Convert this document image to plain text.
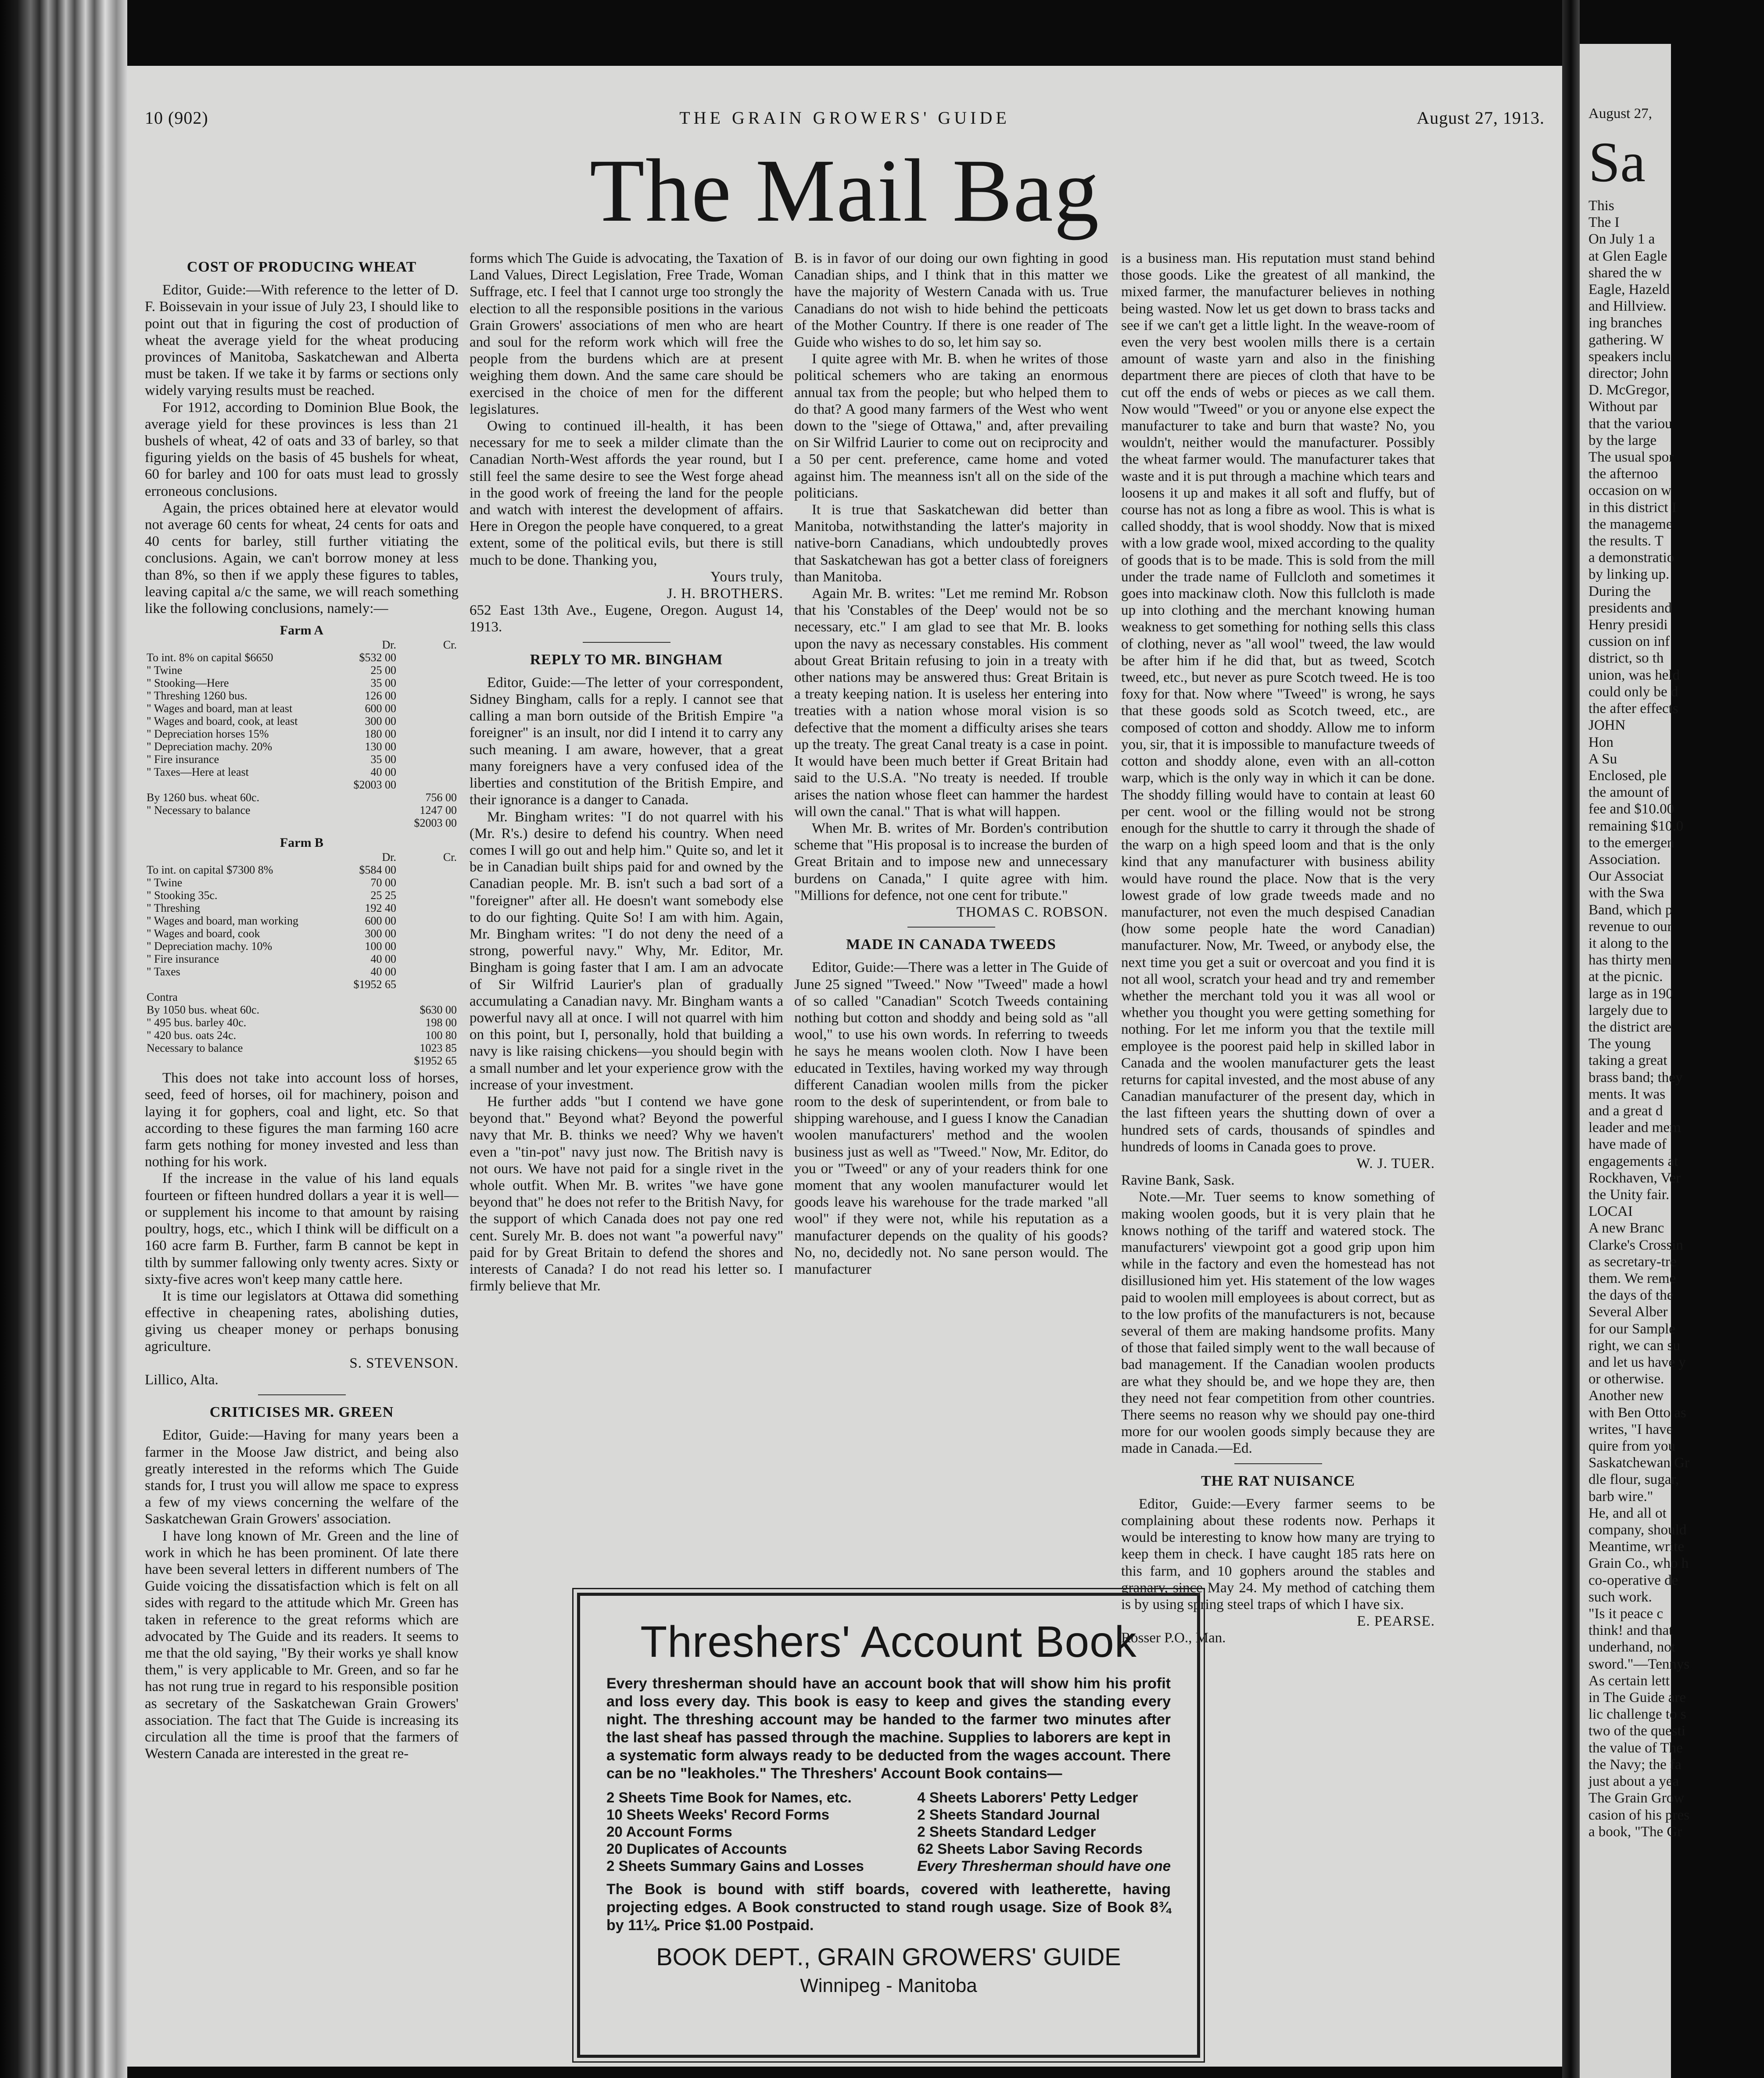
10 (902)	THE GRAIN GROWERS' GUIDE	August 27, 1913.
The Mail Bag
COST OF PRODUCING WHEAT

Editor, Guide:—With reference to the letter of D. F. Boissevain in your issue of July 23, I should like to point out that in figuring the cost of production of wheat the average yield for the wheat producing provinces of Manitoba, Saskatchewan and Alberta must be taken. If we take it by farms or sections only widely varying results must be reached.

For 1912, according to Dominion Blue Book, the average yield for these provinces is less than 21 bushels of wheat, 42 of oats and 33 of barley, so that figuring yields on the basis of 45 bushels for wheat, 60 for barley and 100 for oats must lead to grossly erroneous conclusions.

Again, the prices obtained here at elevator would not average 60 cents for wheat, 24 cents for oats and 40 cents for barley, still further vitiating the conclusions. Again, we can't borrow money at less than 8%, so then if we apply these figures to tables, leaving capital a/c the same, we will reach something like the following conclusions, namely:—

Farm A		
	Dr.	Cr.
To int. 8% on capital $6650	$532 00	
" Twine	25 00	
" Stooking—Here	35 00	
" Threshing 1260 bus.	126 00	
" Wages and board, man at least	600 00	
" Wages and board, cook, at least	300 00	
" Depreciation horses 15%	180 00	
" Depreciation machy. 20%	130 00	
" Fire insurance	35 00	
" Taxes—Here at least	40 00	
	$2003 00	
By 1260 bus. wheat 60c.		756 00
" Necessary to balance		1247 00
		$2003 00
Farm B		
	Dr.	Cr.
To int. on capital $7300 8%	$584 00	
" Twine	70 00	
" Stooking 35c.	25 25	
" Threshing	192 40	
" Wages and board, man working	600 00	
" Wages and board, cook	300 00	
" Depreciation machy. 10%	100 00	
" Fire insurance	40 00	
" Taxes	40 00	
	$1952 65	
Contra		
By 1050 bus. wheat 60c.		$630 00
" 495 bus. barley 40c.		198 00
" 420 bus. oats 24c.		100 80
Necessary to balance		1023 85
		$1952 65

This does not take into account loss of horses, seed, feed of horses, oil for machinery, poison and laying it for gophers, coal and light, etc. So that according to these figures the man farming 160 acre farm gets nothing for money invested and less than nothing for his work.

If the increase in the value of his land equals fourteen or fifteen hundred dollars a year it is well—or supplement his income to that amount by raising poultry, hogs, etc., which I think will be difficult on a 160 acre farm B. Further, farm B cannot be kept in tilth by summer fallowing only twenty acres. Sixty or sixty-five acres won't keep many cattle here.

It is time our legislators at Ottawa did something effective in cheapening rates, abolishing duties, giving us cheaper money or perhaps bonusing agriculture.

S. STEVENSON.

Lillico, Alta.

CRITICISES MR. GREEN

Editor, Guide:—Having for many years been a farmer in the Moose Jaw district, and being also greatly interested in the reforms which The Guide stands for, I trust you will allow me space to express a few of my views concerning the welfare of the Saskatchewan Grain Growers' association.

I have long known of Mr. Green and the line of work in which he has been prominent. Of late there have been several letters in different numbers of The Guide voicing the dissatisfaction which is felt on all sides with regard to the attitude which Mr. Green has taken in reference to the great reforms which are advocated by The Guide and its readers. It seems to me that the old saying, "By their works ye shall know them," is very applicable to Mr. Green, and so far he has not rung true in regard to his responsible position as secretary of the Saskatchewan Grain Growers' association. The fact that The Guide is increasing its circulation all the time is proof that the farmers of Western Canada are interested in the great re-

forms which The Guide is advocating, the Taxation of Land Values, Direct Legislation, Free Trade, Woman Suffrage, etc. I feel that I cannot urge too strongly the election to all the responsible positions in the various Grain Growers' associations of men who are heart and soul for the reform work which will free the people from the burdens which are at present weighing them down. And the same care should be exercised in the choice of men for the different legislatures.

Owing to continued ill-health, it has been necessary for me to seek a milder climate than the Canadian North-West affords the year round, but I still feel the same desire to see the West forge ahead in the good work of freeing the land for the people and watch with interest the development of affairs. Here in Oregon the people have conquered, to a great extent, some of the political evils, but there is still much to be done. Thanking you,

Yours truly,

J. H. BROTHERS.

652 East 13th Ave., Eugene, Oregon. August 14, 1913.

REPLY TO MR. BINGHAM

Editor, Guide:—The letter of your correspondent, Sidney Bingham, calls for a reply. I cannot see that calling a man born outside of the British Empire "a foreigner" is an insult, nor did I intend it to carry any such meaning. I am aware, however, that a great many foreigners have a very confused idea of the liberties and constitution of the British Empire, and their ignorance is a danger to Canada.

Mr. Bingham writes: "I do not quarrel with his (Mr. R's.) desire to defend his country. When need comes I will go out and help him." Quite so, and let it be in Canadian built ships paid for and owned by the Canadian people. Mr. B. isn't such a bad sort of a "foreigner" after all. He doesn't want somebody else to do our fighting. Quite So! I am with him. Again, Mr. Bingham writes: "I do not deny the need of a strong, powerful navy." Why, Mr. Editor, Mr. Bingham is going faster that I am. I am an advocate of Sir Wilfrid Laurier's plan of gradually accumulating a Canadian navy. Mr. Bingham wants a powerful navy all at once. I will not quarrel with him on this point, but I, personally, hold that building a navy is like raising chickens—you should begin with a small number and let your experience grow with the increase of your investment.

He further adds "but I contend we have gone beyond that." Beyond what? Beyond the powerful navy that Mr. B. thinks we need? Why we haven't even a "tin-pot" navy just now. The British navy is not ours. We have not paid for a single rivet in the whole outfit. When Mr. B. writes "we have gone beyond that" he does not refer to the British Navy, for the support of which Canada does not pay one red cent. Surely Mr. B. does not want "a powerful navy" paid for by Great Britain to defend the shores and interests of Canada? I do not read his letter so. I firmly believe that Mr.

B. is in favor of our doing our own fighting in good Canadian ships, and I think that in this matter we have the majority of Western Canada with us. True Canadians do not wish to hide behind the petticoats of the Mother Country. If there is one reader of The Guide who wishes to do so, let him say so.

I quite agree with Mr. B. when he writes of those political schemers who are taking an enormous annual tax from the people; but who helped them to do that? A good many farmers of the West who went down to the "siege of Ottawa," and, after prevailing on Sir Wilfrid Laurier to come out on reciprocity and a 50 per cent. preference, came home and voted against him. The meanness isn't all on the side of the politicians.

It is true that Saskatchewan did better than Manitoba, notwithstanding the latter's majority in native-born Canadians, which undoubtedly proves that Saskatchewan has got a better class of foreigners than Manitoba.

Again Mr. B. writes: "Let me remind Mr. Robson that his 'Constables of the Deep' would not be so necessary, etc." I am glad to see that Mr. B. looks upon the navy as necessary constables. His comment about Great Britain refusing to join in a treaty with other nations may be answered thus: Great Britain is a treaty keeping nation. It is useless her entering into treaties with a nation whose moral vision is so defective that the moment a difficulty arises she tears up the treaty. The great Canal treaty is a case in point. It would have been much better if Great Britain had said to the U.S.A. "No treaty is needed. If trouble arises the nation whose fleet can hammer the hardest will own the canal." That is what will happen.

When Mr. B. writes of Mr. Borden's contribution scheme that "His proposal is to increase the burden of Great Britain and to impose new and unnecessary burdens on Canada," I quite agree with him. "Millions for defence, not one cent for tribute."

THOMAS C. ROBSON.

MADE IN CANADA TWEEDS

Editor, Guide:—There was a letter in The Guide of June 25 signed "Tweed." Now "Tweed" made a howl of so called "Canadian" Scotch Tweeds containing nothing but cotton and shoddy and being sold as "all wool," to use his own words. In referring to tweeds he says he means woolen cloth. Now I have been educated in Textiles, having worked my way through different Canadian woolen mills from the picker room to the desk of superintendent, or from bale to shipping warehouse, and I guess I know the Canadian woolen manufacturers' method and the woolen business just as well as "Tweed." Now, Mr. Editor, do you or "Tweed" or any of your readers think for one moment that any woolen manufacturer would let goods leave his warehouse for the trade marked "all wool" if they were not, while his reputation as a manufacturer depends on the quality of his goods? No, no, decidedly not. No sane person would. The manufacturer

is a business man. His reputation must stand behind those goods. Like the greatest of all mankind, the mixed farmer, the manufacturer believes in nothing being wasted. Now let us get down to brass tacks and see if we can't get a little light. In the weave-room of even the very best woolen mills there is a certain amount of waste yarn and also in the finishing department there are pieces of cloth that have to be cut off the ends of webs or pieces as we call them. Now would "Tweed" or you or anyone else expect the manufacturer to take and burn that waste? No, you wouldn't, neither would the manufacturer. Possibly the wheat farmer would. The manufacturer takes that waste and it is put through a machine which tears and loosens it up and makes it all soft and fluffy, but of course has not as long a fibre as wool. This is what is called shoddy, that is wool shoddy. Now that is mixed with a low grade wool, mixed according to the quality of goods that is to be made. This is sold from the mill under the trade name of Fullcloth and sometimes it goes into mackinaw cloth. Now this fullcloth is made up into clothing and the merchant knowing human weakness to get something for nothing sells this class of clothing, never as "all wool" tweed, the law would be after him if he did that, but as tweed, Scotch tweed, etc., but never as pure Scotch tweed. He is too foxy for that. Now where "Tweed" is wrong, he says that these goods sold as Scotch tweed, etc., are composed of cotton and shoddy. Allow me to inform you, sir, that it is impossible to manufacture tweeds of cotton and shoddy alone, even with an all-cotton warp, which is the only way in which it can be done. The shoddy filling would have to contain at least 60 per cent. wool or the filling would not be strong enough for the shuttle to carry it through the shade of the warp on a high speed loom and that is the only kind that any manufacturer with business ability would have round the place. Now that is the very lowest grade of low grade tweeds made and no manufacturer, not even the much despised Canadian (how some people hate the word Canadian) manufacturer. Now, Mr. Tweed, or anybody else, the next time you get a suit or overcoat and you find it is not all wool, scratch your head and try and remember whether the merchant told you it was all wool or whether you thought you were getting something for nothing. For let me inform you that the textile mill employee is the poorest paid help in skilled labor in Canada and the woolen manufacturer gets the least returns for capital invested, and the most abuse of any Canadian manufacturer of the present day, which in the last fifteen years the shutting down of over a hundred sets of cards, thousands of spindles and hundreds of looms in Canada goes to prove.

W. J. TUER.

Ravine Bank, Sask.

Note.—Mr. Tuer seems to know something of making woolen goods, but it is very plain that he knows nothing of the tariff and watered stock. The manufacturers' viewpoint got a good grip upon him while in the factory and even the homestead has not disillusioned him yet. His statement of the low wages paid to woolen mill employees is about correct, but as to the low profits of the manufacturers is not, because several of them are making handsome profits. Many of those that failed simply went to the wall because of bad management. If the Canadian woolen products are what they should be, and we hope they are, then they need not fear competition from other countries. There seems no reason why we should pay one-third more for our woolen goods simply because they are made in Canada.—Ed.

THE RAT NUISANCE

Editor, Guide:—Every farmer seems to be complaining about these rodents now. Perhaps it would be interesting to know how many are trying to keep them in check. I have caught 185 rats here on this farm, and 10 gophers around the stables and granary, since May 24. My method of catching them is by using spring steel traps of which I have six.

E. PEARSE.

Rosser P.O., Man.

Threshers' Account Book
Every thresherman should have an account book that will show him his profit and loss every day. This book is easy to keep and gives the standing every night. The threshing account may be handed to the farmer two minutes after the last sheaf has passed through the machine. Supplies to laborers are kept in a systematic form always ready to be deducted from the wages account. There can be no "leakholes." The Threshers' Account Book contains—
2 Sheets Time Book for Names, etc.
10 Sheets Weeks' Record Forms
20 Account Forms
20 Duplicates of Accounts
2 Sheets Summary Gains and Losses
4 Sheets Laborers' Petty Ledger
2 Sheets Standard Journal
2 Sheets Standard Ledger
62 Sheets Labor Saving Records
Every Thresherman should have one
The Book is bound with stiff boards, covered with leatherette, having projecting edges. A Book constructed to stand rough usage. Size of Book 8¾ by 11¼. Price $1.00 Postpaid.
BOOK DEPT., GRAIN GROWERS' GUIDE
Winnipeg - Manitoba
August 27,
Sa
This
The I
On July 1 a
at Glen Eagle
shared the w
Eagle, Hazeld
and Hillview.
ing branches
gathering. W
speakers inclu
director; John
D. McGregor,
Without par
that the variou
by the large
The usual spor
the afternoo
occasion on w
in this district I
the manageme
the results. T
a demonstratio
by linking up.
During the
presidents and
Henry presidi
cussion on inf
district, so th
union, was held
could only be d
the after effects
JOHN
Hon
A Su
Enclosed, ple
the amount of
fee and $10.00
remaining $10.0
to the emergen
Association.
Our Associat
with the Swa
Band, which p
revenue to our
it along to the
has thirty men
at the picnic.
large as in 190
largely due to
the district are
The young
taking a great
brass band; they
ments. It was
and a great d
leader and mem
have made of
engagements at
Rockhaven, Ver
the Unity fair.
LOCAI
A new Branc
Clarke's Crossin
as secretary-tre
them. We reme
the days of the
Several Alber
for our Sample
right, we can su
and let us have y
or otherwise.
Another new
with Ben Otto as
writes, "I have
quire from you
Saskatchewan Gr
dle flour, sugar,
barb wire."
He, and all ot
company, should
Meantime, write
Grain Co., who h
co-operative de
such work.
"Is it peace c
think! and that
underhand, not
sword."—Tennys
As certain lett
in The Guide are
lic challenge to s
two of the questi
the value of The
the Navy; the fa
just about a yea
The Grain Grow
casion of his pres
a book, "The Gr
